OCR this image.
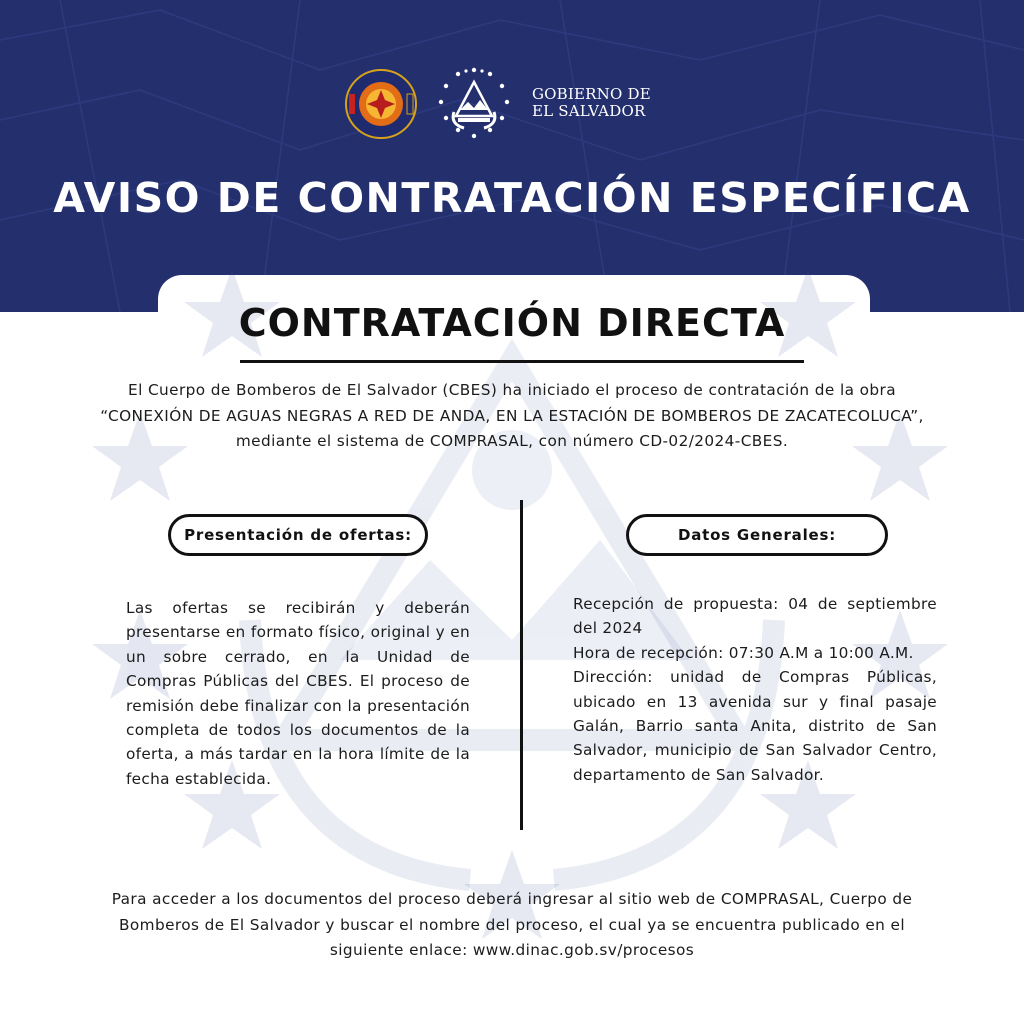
GOBIERNO DE
EL SALVADOR
AVISO DE CONTRATACIÓN ESPECÍFICA
CONTRATACIÓN DIRECTA

El Cuerpo de Bomberos de El Salvador (CBES) ha iniciado el proceso de contratación de la obra “CONEXIÓN DE AGUAS NEGRAS A RED DE ANDA, EN LA ESTACIÓN DE BOMBEROS DE ZACATECOLUCA”, mediante el sistema de COMPRASAL, con número CD-02/2024-CBES.

Presentación de ofertas:	Datos Generales:

Las ofertas se recibirán y deberán presentarse en formato físico, original y en un sobre cerrado, en la Unidad de Compras Públicas del CBES. El proceso de remisión debe finalizar con la presentación completa de todos los documentos de la oferta, a más tardar en la hora límite de la fecha establecida.

Recepción de propuesta: 04 de septiembre del 2024

Hora de recepción: 07:30 A.M a 10:00 A.M.

Dirección: unidad de Compras Públicas, ubicado en 13 avenida sur y final pasaje Galán, Barrio santa Anita, distrito de San Salvador, municipio de San Salvador Centro, departamento de San Salvador.

Para acceder a los documentos del proceso deberá ingresar al sitio web de COMPRASAL, Cuerpo de Bomberos de El Salvador y buscar el nombre del proceso, el cual ya se encuentra publicado en el siguiente enlace: www.dinac.gob.sv/procesos
